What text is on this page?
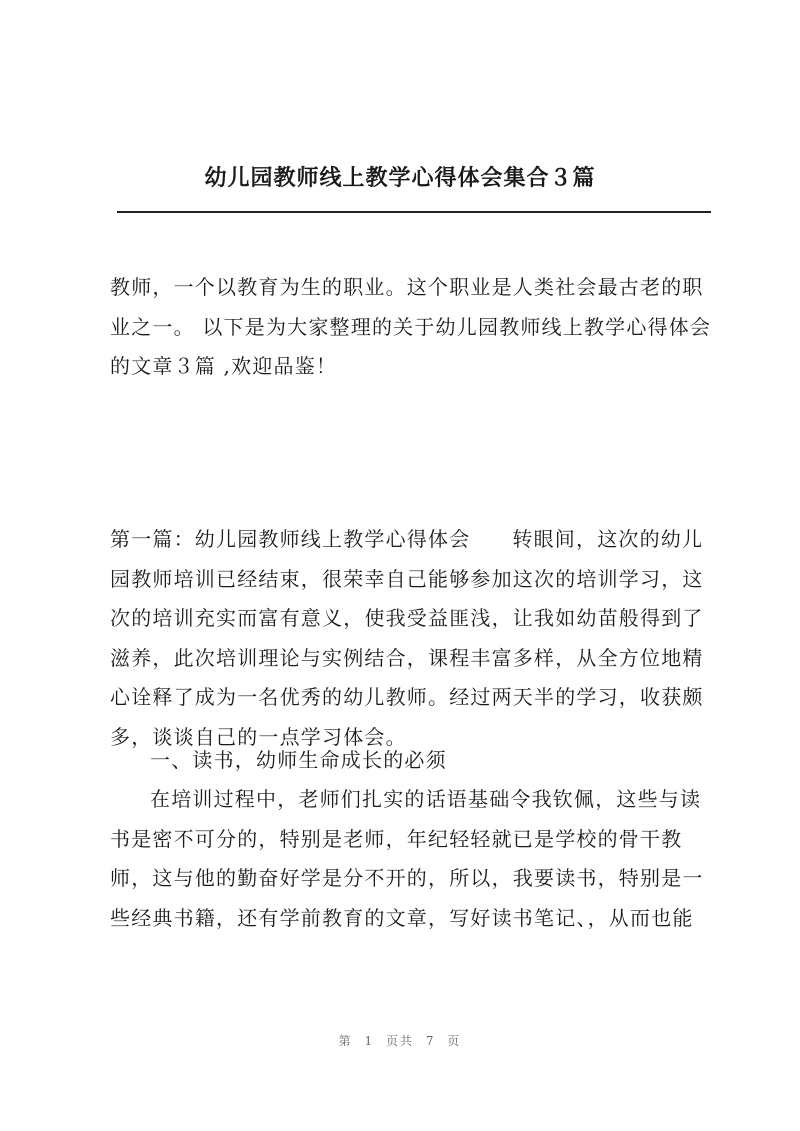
幼儿园教师线上教学心得体会集合３篇

教师，一个以教育为生的职业。这个职业是人类社会最古老的职业之一。 以下是为大家整理的关于幼儿园教师线上教学心得体会的文章３篇 ,欢迎品鉴！

第一篇：幼儿园教师线上教学心得体会 转眼间，这次的幼儿园教师培训已经结束，很荣幸自己能够参加这次的培训学习，这次的培训充实而富有意义，使我受益匪浅，让我如幼苗般得到了滋养，此次培训理论与实例结合，课程丰富多样，从全方位地精心诠释了成为一名优秀的幼儿教师。经过两天半的学习，收获颇多，谈谈自己的一点学习体会。

一、读书，幼师生命成长的必须

在培训过程中，老师们扎实的话语基础令我钦佩，这些与读书是密不可分的，特别是老师，年纪轻轻就已是学校的骨干教师，这与他的勤奋好学是分不开的，所以，我要读书，特别是一些经典书籍，还有学前教育的文章，写好读书笔记、，从而也能

第 1 页共 7 页
